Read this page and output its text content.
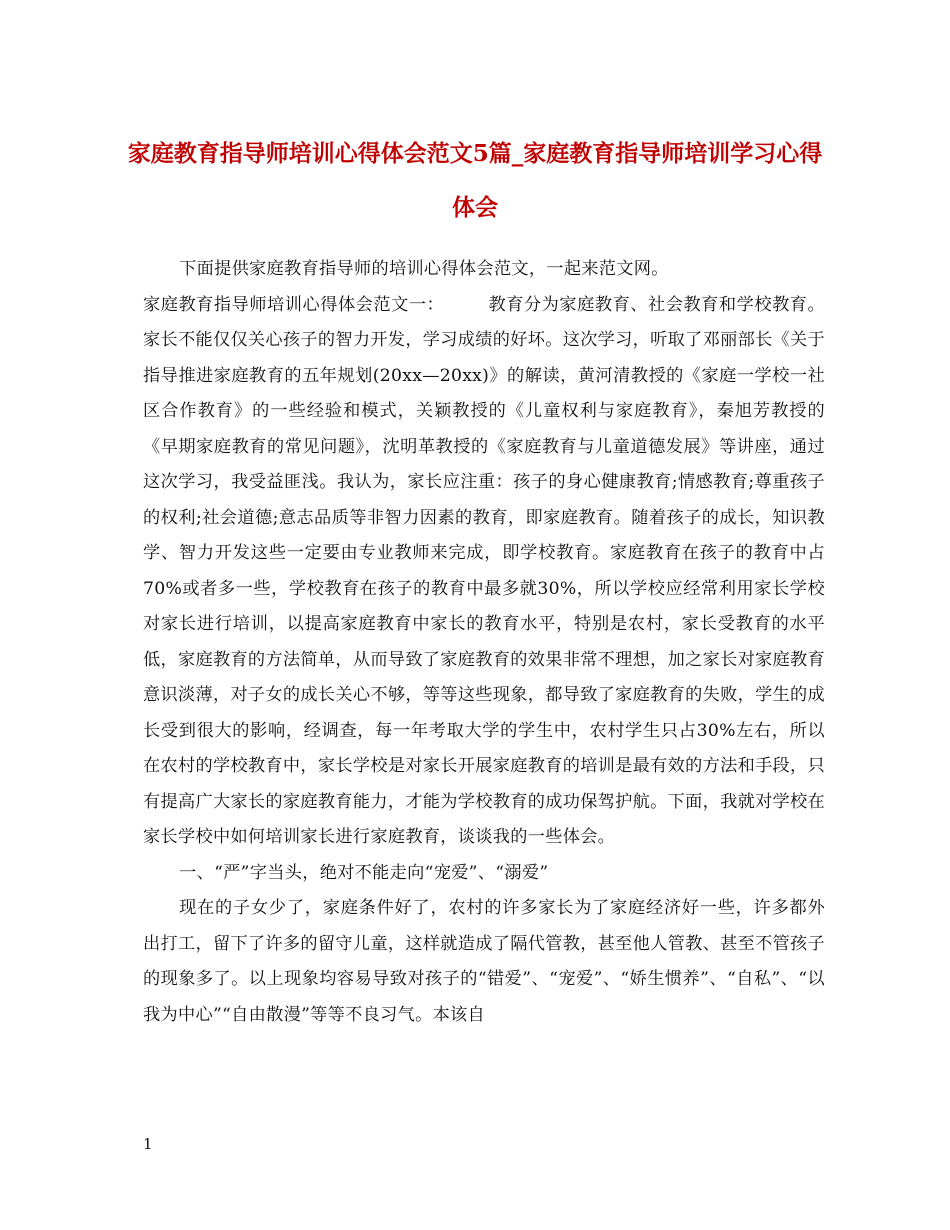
家庭教育指导师培训心得体会范文5篇_家庭教育指导师培训学习心得体会

下面提供家庭教育指导师的培训心得体会范文，一起来范文网。

家庭教育指导师培训心得体会范文一：	教育分为家庭教育、社会教育和学校教育。家长不能仅仅关心孩子的智力开发，学习成绩的好坏。这次学习，听取了邓丽部长《关于指导推进家庭教育的五年规划(20xx—20xx)》的解读，黄河清教授的《家庭一学校一社区合作教育》的一些经验和模式，关颖教授的《儿童权利与家庭教育》，秦旭芳教授的《早期家庭教育的常见问题》，沈明革教授的《家庭教育与儿童道德发展》等讲座，通过这次学习，我受益匪浅。我认为，家长应注重：孩子的身心健康教育;情感教育;尊重孩子的权利;社会道德;意志品质等非智力因素的教育，即家庭教育。随着孩子的成长，知识教学、智力开发这些一定要由专业教师来完成，即学校教育。家庭教育在孩子的教育中占70%或者多一些，学校教育在孩子的教育中最多就30%，所以学校应经常利用家长学校对家长进行培训，以提高家庭教育中家长的教育水平，特别是农村，家长受教育的水平低，家庭教育的方法简单，从而导致了家庭教育的效果非常不理想，加之家长对家庭教育意识淡薄，对子女的成长关心不够，等等这些现象，都导致了家庭教育的失败，学生的成长受到很大的影响，经调查，每一年考取大学的学生中，农村学生只占30%左右，所以在农村的学校教育中，家长学校是对家长开展家庭教育的培训是最有效的方法和手段，只有提高广大家长的家庭教育能力，才能为学校教育的成功保驾护航。下面，我就对学校在家长学校中如何培训家长进行家庭教育，谈谈我的一些体会。

一、“严”字当头，绝对不能走向“宠爱”、“溺爱”

现在的子女少了，家庭条件好了，农村的许多家长为了家庭经济好一些，许多都外出打工，留下了许多的留守儿童，这样就造成了隔代管教，甚至他人管教、甚至不管孩子的现象多了。以上现象均容易导致对孩子的“错爱”、“宠爱”、“娇生惯养”、“自私”、“以我为中心”“自由散漫”等等不良习气。本该自

1
